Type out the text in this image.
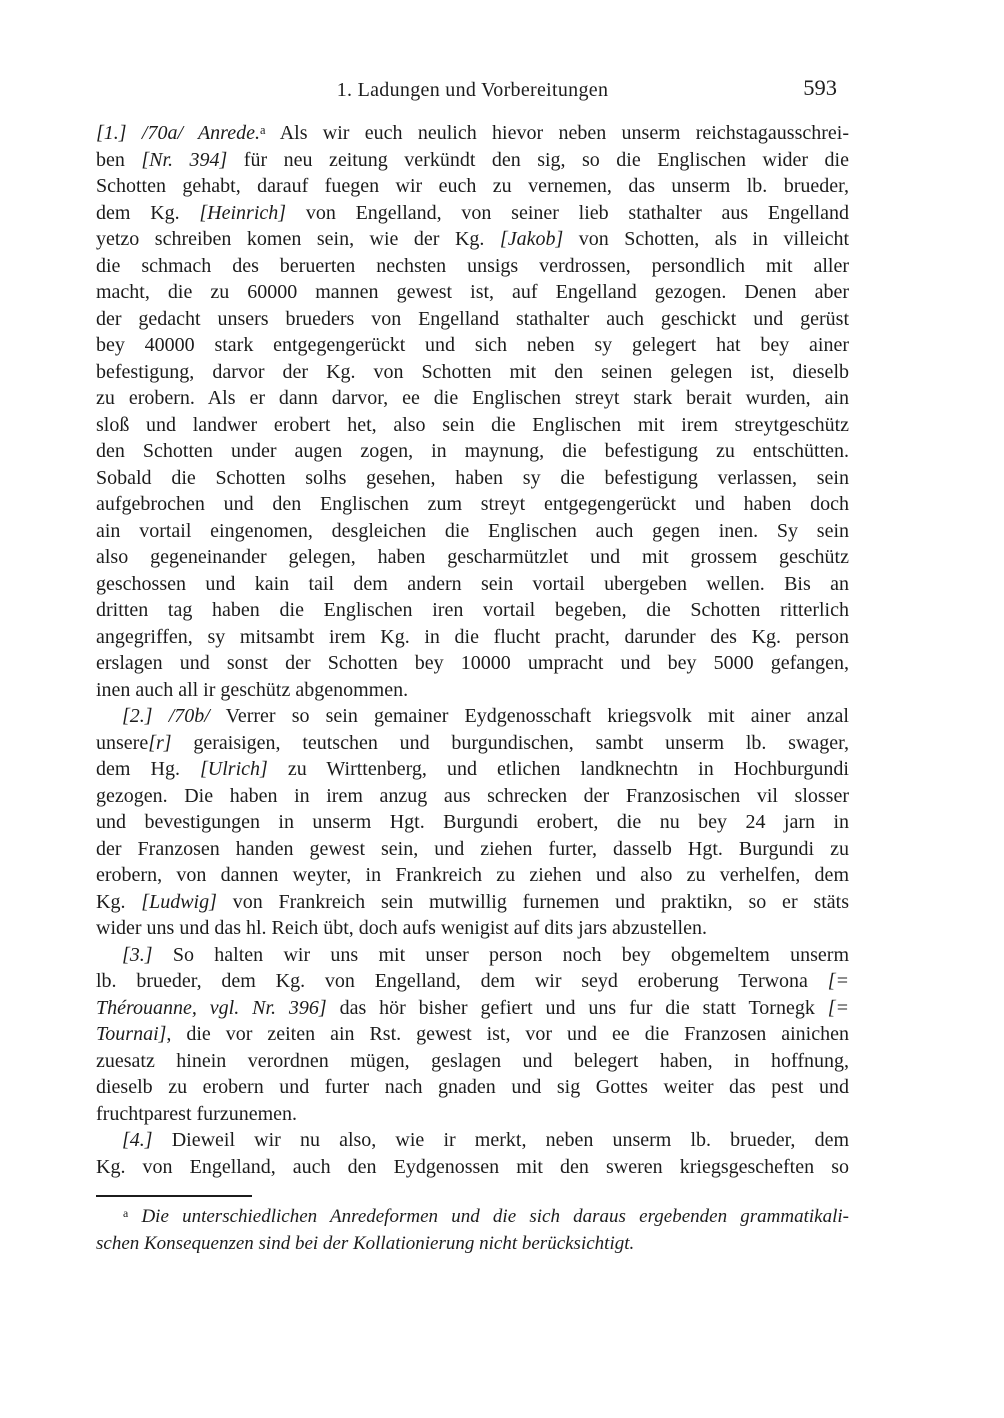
1. Ladungen und Vorbereitungen	593
[1.] /70a/ Anrede.$^a$ Als wir euch neulich hievor neben unserm reichstagausschrei-
ben [Nr. 394] für neu zeitung verkündt den sig, so die Englischen wider die
Schotten gehabt, darauf fuegen wir euch zu vernemen, das unserm lb. brueder,
dem Kg. [Heinrich] von Engelland, von seiner lieb stathalter aus Engelland
yetzo schreiben komen sein, wie der Kg. [Jakob] von Schotten, als in villeicht
die schmach des beruerten nechsten unsigs verdrossen, persondlich mit aller
macht, die zu 60000 mannen gewest ist, auf Engelland gezogen. Denen aber
der gedacht unsers brueders von Engelland stathalter auch geschickt und gerüst
bey 40000 stark entgegengerückt und sich neben sy gelegert hat bey ainer
befestigung, darvor der Kg. von Schotten mit den seinen gelegen ist, dieselb
zu erobern. Als er dann darvor, ee die Englischen streyt stark berait wurden, ain
sloß und landwer erobert het, also sein die Englischen mit irem streytgeschütz
den Schotten under augen zogen, in maynung, die befestigung zu entschütten.
Sobald die Schotten solhs gesehen, haben sy die befestigung verlassen, sein
aufgebrochen und den Englischen zum streyt entgegengerückt und haben doch
ain vortail eingenomen, desgleichen die Englischen auch gegen inen. Sy sein
also gegeneinander gelegen, haben gescharmützlet und mit grossem geschütz
geschossen und kain tail dem andern sein vortail ubergeben wellen. Bis an
dritten tag haben die Englischen iren vortail begeben, die Schotten ritterlich
angegriffen, sy mitsambt irem Kg. in die flucht pracht, darunder des Kg. person
erslagen und sonst der Schotten bey 10000 umpracht und bey 5000 gefangen,
inen auch all ir geschütz abgenommen.
[2.] /70b/ Verrer so sein gemainer Eydgenosschaft kriegsvolk mit ainer anzal
unsere[r] geraisigen, teutschen und burgundischen, sambt unserm lb. swager,
dem Hg. [Ulrich] zu Wirttenberg, und etlichen landknechtn in Hochburgundi
gezogen. Die haben in irem anzug aus schrecken der Franzosischen vil slosser
und bevestigungen in unserm Hgt. Burgundi erobert, die nu bey 24 jarn in
der Franzosen handen gewest sein, und ziehen furter, dasselb Hgt. Burgundi zu
erobern, von dannen weyter, in Frankreich zu ziehen und also zu verhelfen, dem
Kg. [Ludwig] von Frankreich sein mutwillig furnemen und praktikn, so er stäts
wider uns und das hl. Reich übt, doch aufs wenigist auf dits jars abzustellen.
[3.] So halten wir uns mit unser person noch bey obgemeltem unserm
lb. brueder, dem Kg. von Engelland, dem wir seyd eroberung Terwona [=
Thérouanne, vgl. Nr. 396] das hör bisher gefiert und uns fur die statt Tornegk [=
Tournai], die vor zeiten ain Rst. gewest ist, vor und ee die Franzosen ainichen
zuesatz hinein verordnen mügen, geslagen und belegert haben, in hoffnung,
dieselb zu erobern und furter nach gnaden und sig Gottes weiter das pest und
fruchtparest furzunemen.
[4.] Dieweil wir nu also, wie ir merkt, neben unserm lb. brueder, dem
Kg. von Engelland, auch den Eydgenossen mit den sweren kriegsgescheften so
$^a$ Die unterschiedlichen Anredeformen und die sich daraus ergebenden grammatikali-
schen Konsequenzen sind bei der Kollationierung nicht berücksichtigt.
